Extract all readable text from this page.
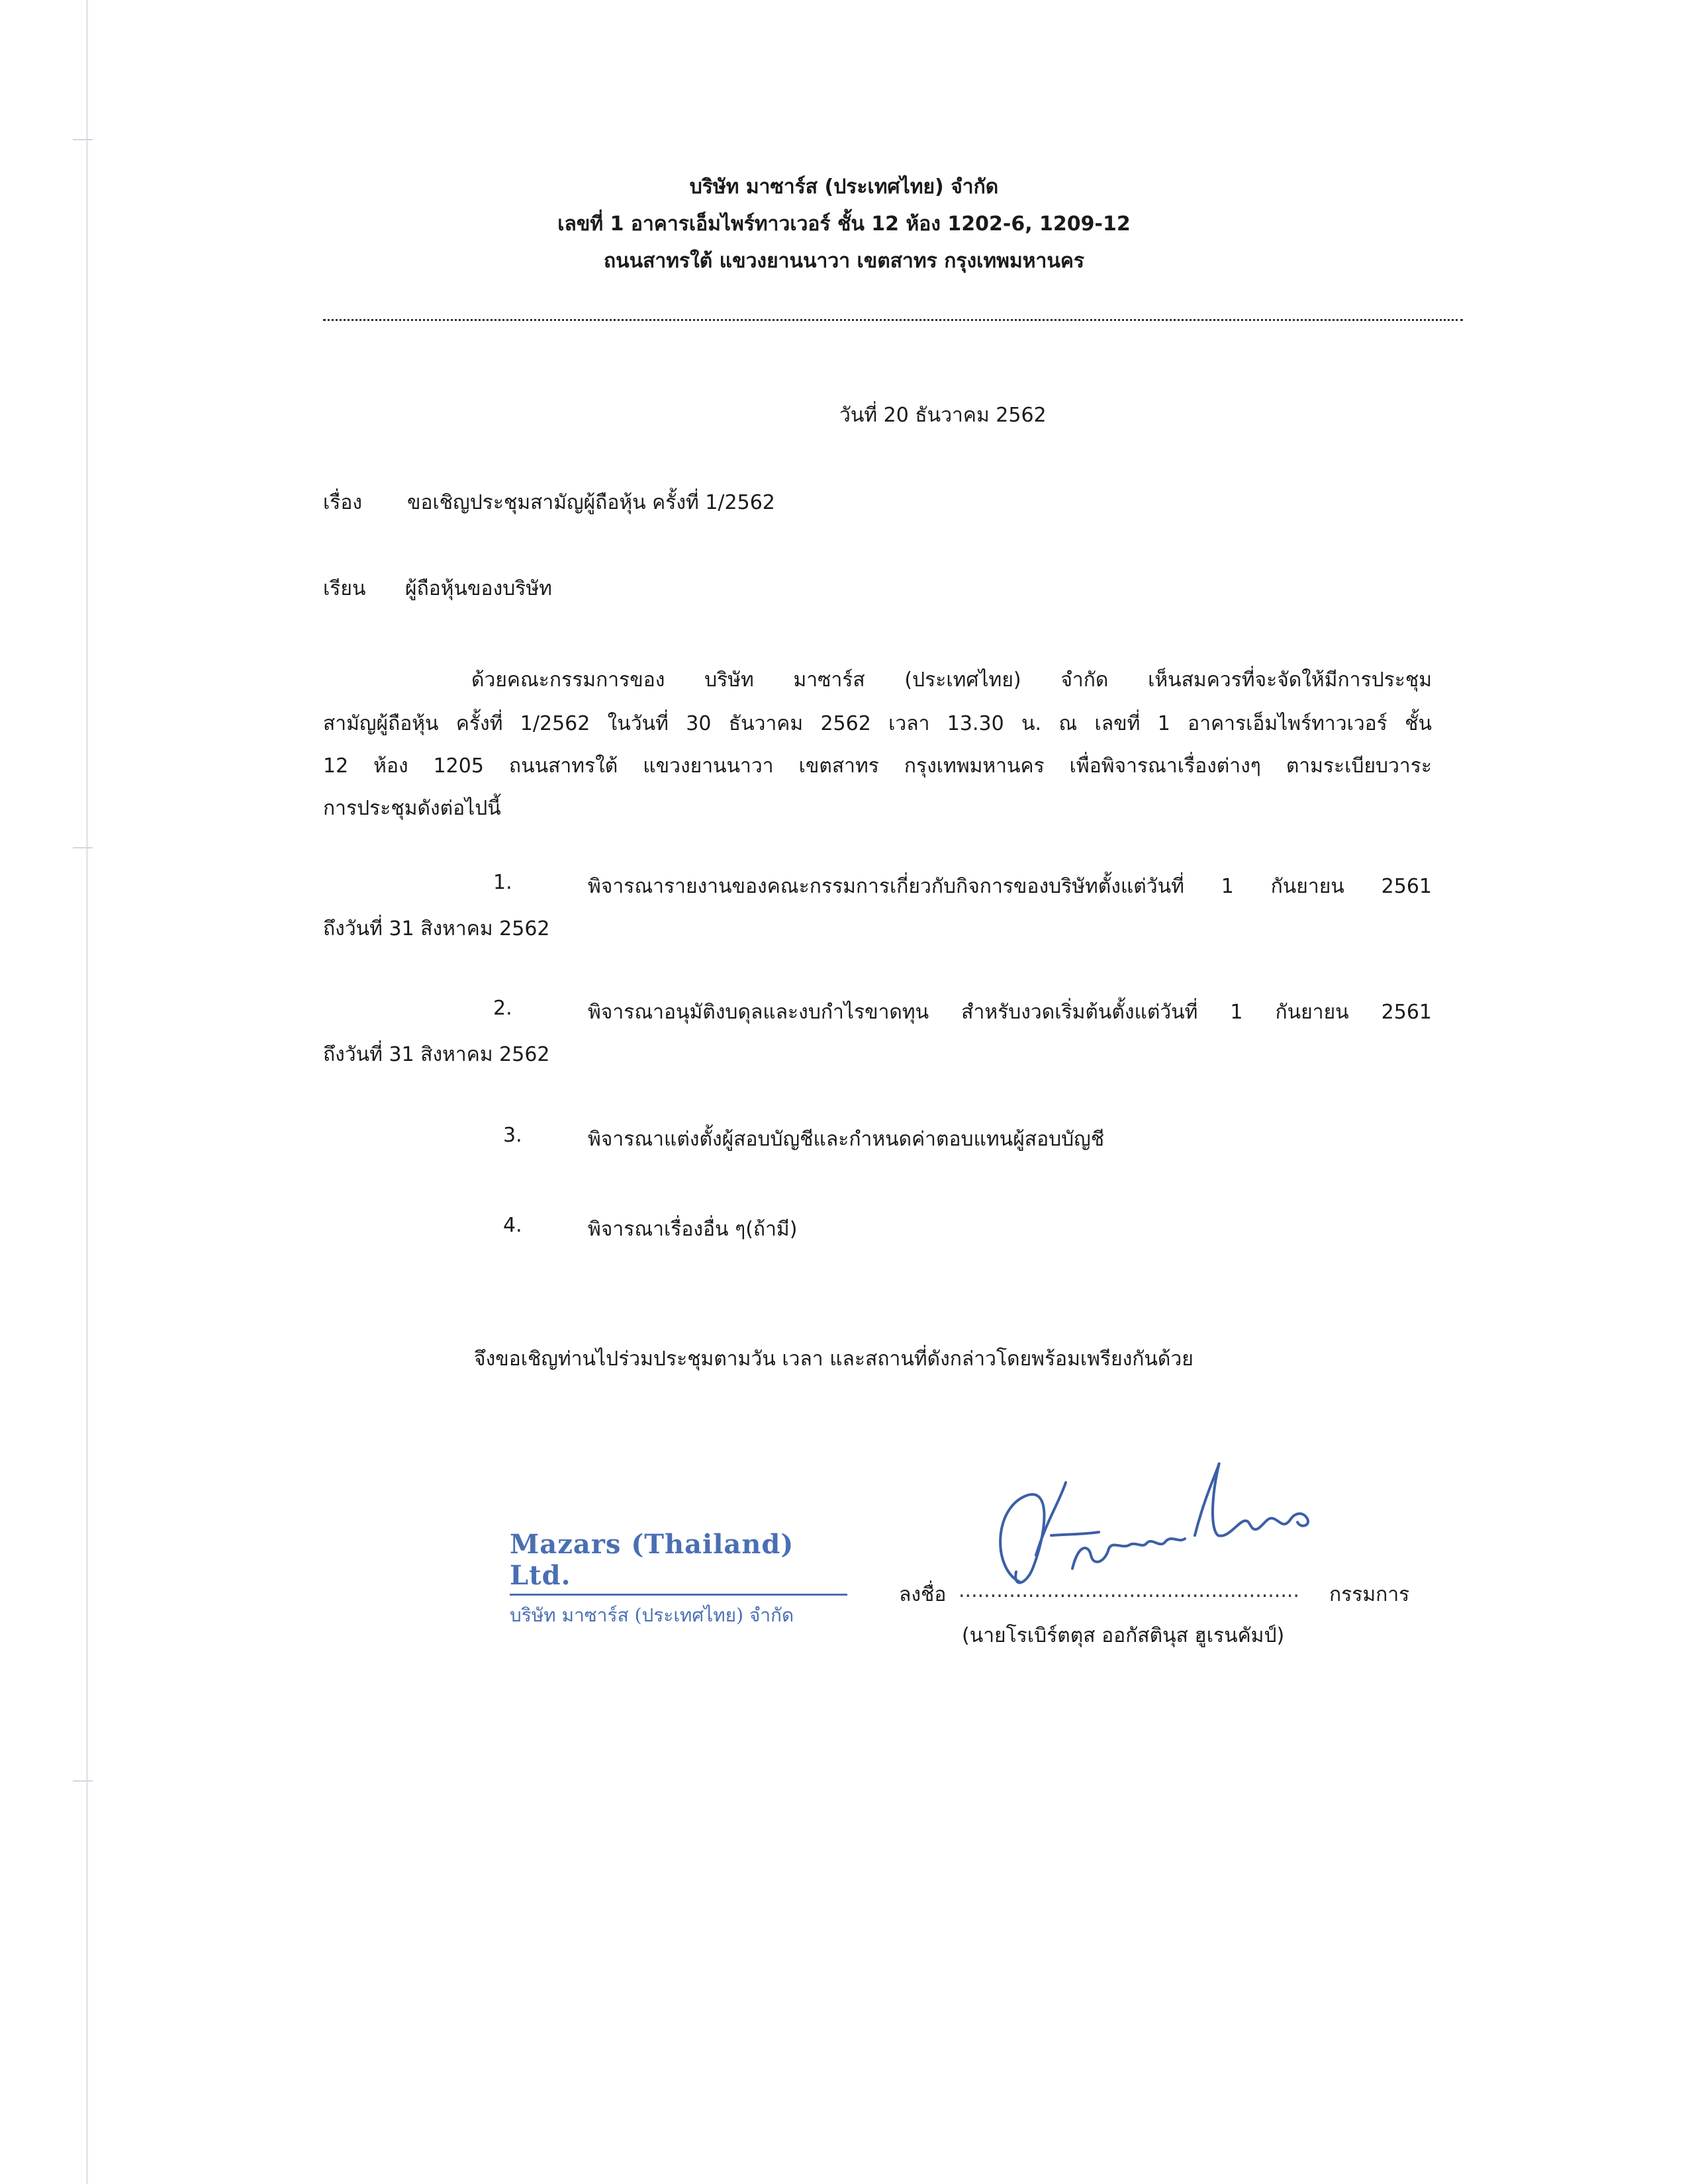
บริษัท มาซาร์ส (ประเทศไทย) จำกัด
เลขที่ 1 อาคารเอ็มไพร์ทาวเวอร์ ชั้น 12 ห้อง 1202-6, 1209-12
ถนนสาทรใต้ แขวงยานนาวา เขตสาทร กรุงเทพมหานคร
วันที่ 20 ธันวาคม 2562
เรื่อง ขอเชิญประชุมสามัญผู้ถือหุ้น ครั้งที่ 1/2562
เรียน ผู้ถือหุ้นของบริษัท
ด้วยคณะกรรมการของ บริษัท มาซาร์ส (ประเทศไทย) จำกัด เห็นสมควรที่จะจัดให้มีการประชุม
สามัญผู้ถือหุ้น ครั้งที่ 1/2562 ในวันที่ 30 ธันวาคม 2562 เวลา 13.30 น. ณ เลขที่ 1 อาคารเอ็มไพร์ทาวเวอร์ ชั้น
12 ห้อง 1205 ถนนสาทรใต้ แขวงยานนาวา เขตสาทร กรุงเทพมหานคร เพื่อพิจารณาเรื่องต่างๆ ตามระเบียบวาระ
การประชุมดังต่อไปนี้
1.	พิจารณารายงานของคณะกรรมการเกี่ยวกับกิจการของบริษัทตั้งแต่วันที่ 1 กันยายน 2561
ถึงวันที่ 31 สิงหาคม 2562
2.	พิจารณาอนุมัติงบดุลและงบกำไรขาดทุน สำหรับงวดเริ่มต้นตั้งแต่วันที่ 1 กันยายน 2561
ถึงวันที่ 31 สิงหาคม 2562
3.	พิจารณาแต่งตั้งผู้สอบบัญชีและกำหนดค่าตอบแทนผู้สอบบัญชี
4.	พิจารณาเรื่องอื่น ๆ(ถ้ามี)
จึงขอเชิญท่านไปร่วมประชุมตามวัน เวลา และสถานที่ดังกล่าวโดยพร้อมเพรียงกันด้วย
Mazars (Thailand) Ltd.
บริษัท มาซาร์ส (ประเทศไทย) จำกัด
ลงชื่อ ...................................................... กรรมการ
(นายโรเบิร์ตตุส ออกัสตินุส ฮูเรนคัมป์)
